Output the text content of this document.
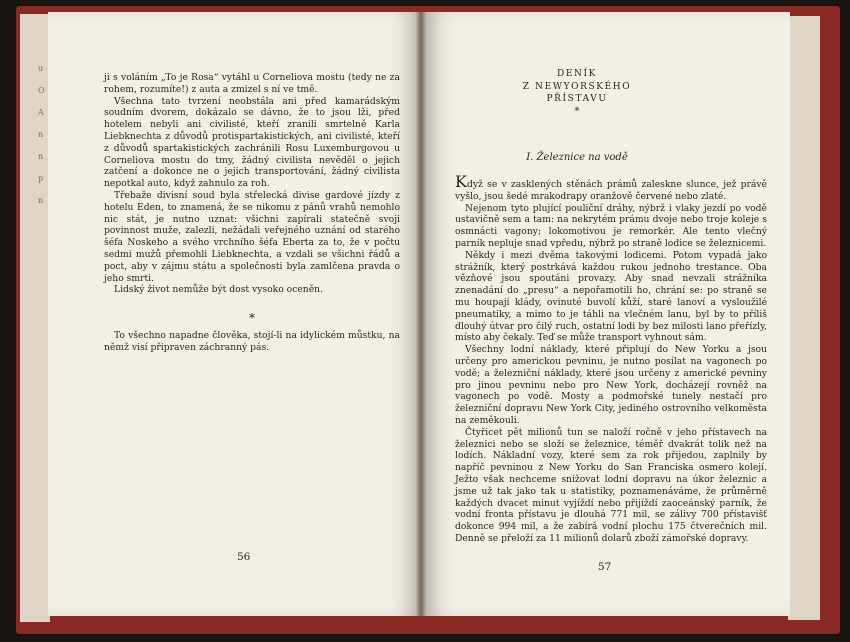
u
O
A
n
n
p
n

ji s voláním „To je Rosa“ vytáhl u Corneliova mostu (tedy ne za rohem, rozumíte!) z auta a zmizel s ní ve tmě.

Všechna tato tvrzení neobstála ani před kamarádským soudním dvorem, dokázalo se dávno, že to jsou lži, před hotelem nebyli ani civilisté, kteří zranili smrtelně Karla Liebknechta z důvodů protispartakistických, ani civilisté, kteří z důvodů spartakistických zachránili Rosu Luxemburgovou u Corneliova mostu do tmy, žádný civilista nevěděl o jejich zatčení a dokonce ne o jejich transportování, žádný civilista nepotkal auto, když zahnulo za roh.

Třebaže divisní soud byla střelecká divise gardové jízdy z hotelu Eden, to znamená, že se nikomu z pánů vrahů nemohlo nic stát, je nutno uznat: všichni zapírali statečně svoji povinnost muže, zalezli, nežádali veřejného uznání od starého šéfa Noskeho a svého vrchního šéfa Eberta za to, že v počtu sedmi mužů přemohli Liebknechta, a vzdali se všichni řádů a poct, aby v zájmu státu a společnosti byla zamlčena pravda o jeho smrti.

Lidský život nemůže být dost vysoko oceněn.

*

To všechno napadne člověka, stojí-li na idylickém můstku, na němž visí připraven záchranný pás.

56
DENÍK
Z NEWYORSKÉHO
PŘÍSTAVU
*
I. Železnice na vodě

Když se v zasklených stěnách prámů zaleskne slunce, jež právě vyšlo, jsou šedé mrakodrapy oranžově červené nebo zlaté.

Nejenom tyto plující pouliční dráhy, nýbrž i vlaky jezdí po vodě ustavičně sem a tam: na nekrytém prámu dvoje nebo troje koleje s osmnácti vagony; lokomotivou je remorkér. Ale tento vlečný parník nepluje snad vpředu, nýbrž po straně lodice se železnicemi.

Někdy i mezi dvěma takovými lodicemi. Potom vypadá jako strážník, který postrkává každou rukou jednoho trestance. Oba vězňové jsou spoutáni provazy. Aby snad nevzali strážníka znenadání do „presu“ a nepořamotili ho, chrání se: po straně se mu houpají klády, ovinuté buvolí kůží, staré lanoví a vysloužilé pneumatiky, a mimo to je táhli na vlečném lanu, byl by to příliš dlouhý útvar pro čilý ruch, ostatní lodi by bez milosti lano přeřízly, místo aby čekaly. Teď se může transport vyhnout sám.

Všechny lodní náklady, které připlují do New Yorku a jsou určeny pro americkou pevninu, je nutno posílat na vagonech po vodě; a železniční náklady, které jsou určeny z americké pevniny pro jinou pevninu nebo pro New York, docházejí rovněž na vagonech po vodě. Mosty a podmořské tunely nestačí pro železniční dopravu New York City, jediného ostrovního velkoměsta na zeměkouli.

Čtyřicet pět milionů tun se naloží ročně v jeho přístavech na železnici nebo se složí se železnice, téměř dvakrát tolik než na lodích. Nákladní vozy, které sem za rok přijedou, zaplnily by napříč pevninou z New Yorku do San Franciska osmero kolejí. Ježto však nechceme snižovat lodní dopravu na úkor železnic a jsme už tak jako tak u statistiky, poznamenáváme, že průměrně každých dvacet minut vyjíždí nebo přijíždí zaoceánský parník, že vodní fronta přístavu je dlouhá 771 mil, se zálivy 700 přístavišť dokonce 994 mil, a že zabírá vodní plochu 175 čtverečních mil. Denně se přeloží za 11 milionů dolarů zboží zámořské dopravy.

57
